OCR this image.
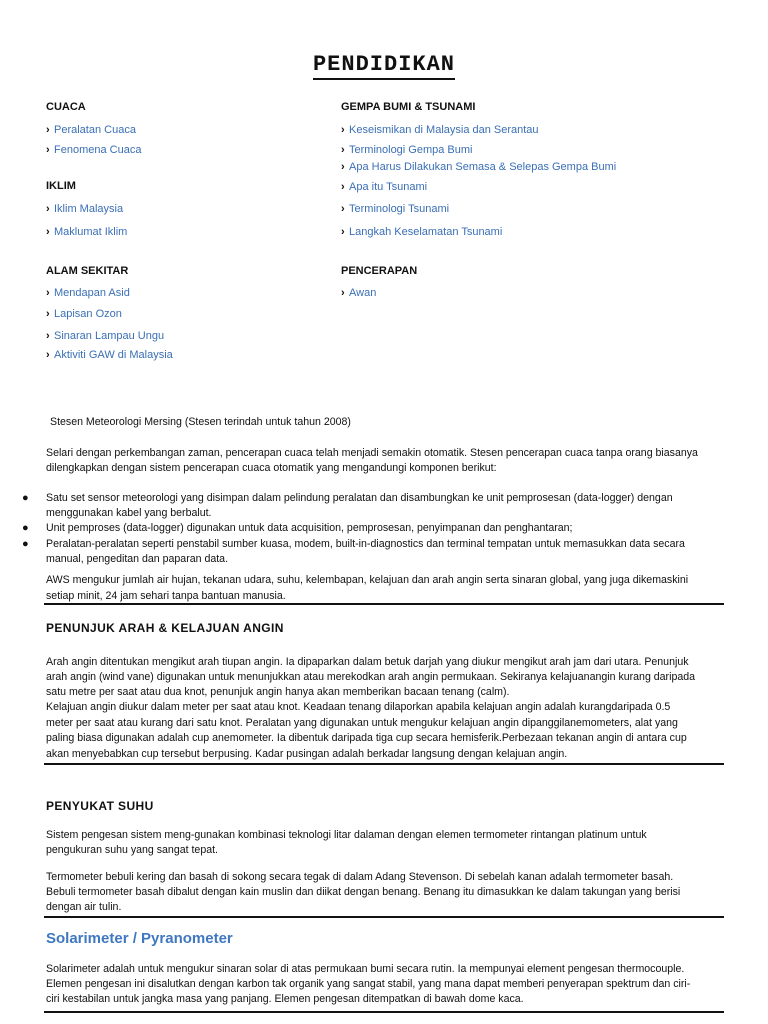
PENDIDIKAN
CUACA
› Peralatan Cuaca
› Fenomena Cuaca
IKLIM
› Iklim Malaysia
› Maklumat Iklim
ALAM SEKITAR
› Mendapan Asid
› Lapisan Ozon
› Sinaran Lampau Ungu
› Aktiviti GAW di Malaysia
GEMPA BUMI & TSUNAMI
› Keseismikan di Malaysia dan Serantau
› Terminologi Gempa Bumi
› Apa Harus Dilakukan Semasa & Selepas Gempa Bumi
› Apa itu Tsunami
› Terminologi Tsunami
› Langkah Keselamatan Tsunami
PENCERAPAN
› Awan
Stesen Meteorologi Mersing (Stesen terindah untuk tahun 2008)
Selari dengan perkembangan zaman, pencerapan cuaca telah menjadi semakin otomatik. Stesen pencerapan cuaca tanpa orang biasanya
dilengkapkan dengan sistem pencerapan cuaca otomatik yang mengandungi komponen berikut:
● Satu set sensor meteorologi yang disimpan dalam pelindung peralatan dan disambungkan ke unit pemprosesan (data-logger) dengan
menggunakan kabel yang berbalut.
● Unit pemproses (data-logger) digunakan untuk data acquisition, pemprosesan, penyimpanan dan penghantaran;
● Peralatan-peralatan seperti penstabil sumber kuasa, modem, built-in-diagnostics dan terminal tempatan untuk memasukkan data secara
manual, pengeditan dan paparan data.
AWS mengukur jumlah air hujan, tekanan udara, suhu, kelembapan, kelajuan dan arah angin serta sinaran global, yang juga dikemaskini
setiap minit, 24 jam sehari tanpa bantuan manusia.
PENUNJUK ARAH & KELAJUAN ANGIN
Arah angin ditentukan mengikut arah tiupan angin. Ia dipaparkan dalam betuk darjah yang diukur mengikut arah jam dari utara. Penunjuk
arah angin (wind vane) digunakan untuk menunjukkan atau merekodkan arah angin permukaan. Sekiranya kelajuanangin kurang daripada
satu metre per saat atau dua knot, penunjuk angin hanya akan memberikan bacaan tenang (calm).
Kelajuan angin diukur dalam meter per saat atau knot. Keadaan tenang dilaporkan apabila kelajuan angin adalah kurangdaripada 0.5
meter per saat atau kurang dari satu knot. Peralatan yang digunakan untuk mengukur kelajuan angin dipanggilanemometers, alat yang
paling biasa digunakan adalah cup anemometer. Ia dibentuk daripada tiga cup secara hemisferik.Perbezaan tekanan angin di antara cup
akan menyebabkan cup tersebut berpusing. Kadar pusingan adalah berkadar langsung dengan kelajuan angin.
PENYUKAT SUHU
Sistem pengesan sistem meng-gunakan kombinasi teknologi litar dalaman dengan elemen termometer rintangan platinum untuk
pengukuran suhu yang sangat tepat.
Termometer bebuli kering dan basah di sokong secara tegak di dalam Adang Stevenson. Di sebelah kanan adalah termometer basah.
Bebuli termometer basah dibalut dengan kain muslin dan diikat dengan benang. Benang itu dimasukkan ke dalam takungan yang berisi
dengan air tulin.
Solarimeter / Pyranometer
Solarimeter adalah untuk mengukur sinaran solar di atas permukaan bumi secara rutin. Ia mempunyai element pengesan thermocouple.
Elemen pengesan ini disalutkan dengan karbon tak organik yang sangat stabil, yang mana dapat memberi penyerapan spektrum dan ciri-
ciri kestabilan untuk jangka masa yang panjang. Elemen pengesan ditempatkan di bawah dome kaca.
